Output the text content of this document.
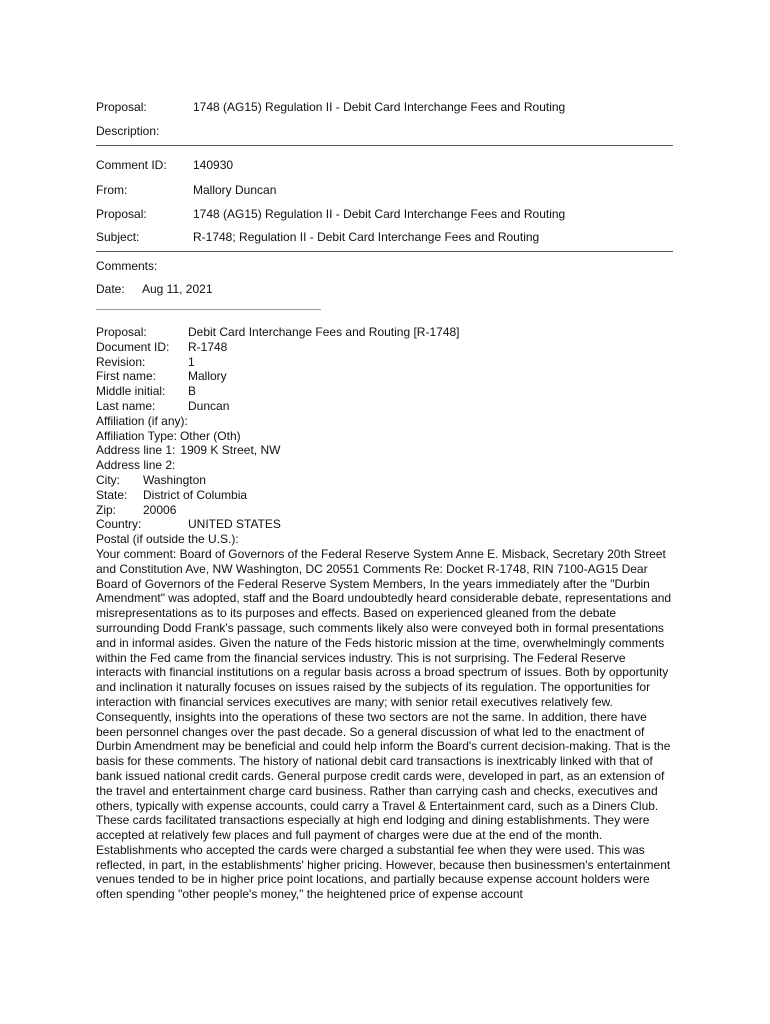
Proposal:	1748 (AG15) Regulation II - Debit Card Interchange Fees and Routing
Description:
Comment ID: 140930
From:	Mallory Duncan
Proposal:	1748 (AG15) Regulation II - Debit Card Interchange Fees and Routing
Subject:	R-1748; Regulation II - Debit Card Interchange Fees and Routing
Comments:
Date: Aug 11, 2021
Proposal:	Debit Card Interchange Fees and Routing [R-1748]
Document ID: R-1748
Revision:	1
First name:	Mallory
Middle initial: B
Last name:	Duncan
Affiliation (if any):
Affiliation Type: Other (Oth)
Address line 1: 1909 K Street, NW
Address line 2:
City: Washington
State: District of Columbia
Zip: 20006
Country:	UNITED STATES
Postal (if outside the U.S.):
Your comment: Board of Governors of the Federal Reserve System Anne E. Misback, Secretary 20th Street and Constitution Ave, NW Washington, DC 20551 Comments Re: Docket R-1748, RIN 7100-AG15 Dear Board of Governors of the Federal Reserve System Members, In the years immediately after the "Durbin Amendment" was adopted, staff and the Board undoubtedly heard considerable debate, representations and misrepresentations as to its purposes and effects. Based on experienced gleaned from the debate surrounding Dodd Frank's passage, such comments likely also were conveyed both in formal presentations and in informal asides. Given the nature of the Feds historic mission at the time, overwhelmingly comments within the Fed came from the financial services industry. This is not surprising. The Federal Reserve interacts with financial institutions on a regular basis across a broad spectrum of issues. Both by opportunity and inclination it naturally focuses on issues raised by the subjects of its regulation. The opportunities for interaction with financial services executives are many; with senior retail executives relatively few. Consequently, insights into the operations of these two sectors are not the same. In addition, there have been personnel changes over the past decade. So a general discussion of what led to the enactment of Durbin Amendment may be beneficial and could help inform the Board's current decision-making. That is the basis for these comments. The history of national debit card transactions is inextricably linked with that of bank issued national credit cards. General purpose credit cards were, developed in part, as an extension of the travel and entertainment charge card business. Rather than carrying cash and checks, executives and others, typically with expense accounts, could carry a Travel & Entertainment card, such as a Diners Club. These cards facilitated transactions especially at high end lodging and dining establishments. They were accepted at relatively few places and full payment of charges were due at the end of the month. Establishments who accepted the cards were charged a substantial fee when they were used. This was reflected, in part, in the establishments' higher pricing. However, because then businessmen's entertainment venues tended to be in higher price point locations, and partially because expense account holders were often spending "other people's money," the heightened price of expense account
